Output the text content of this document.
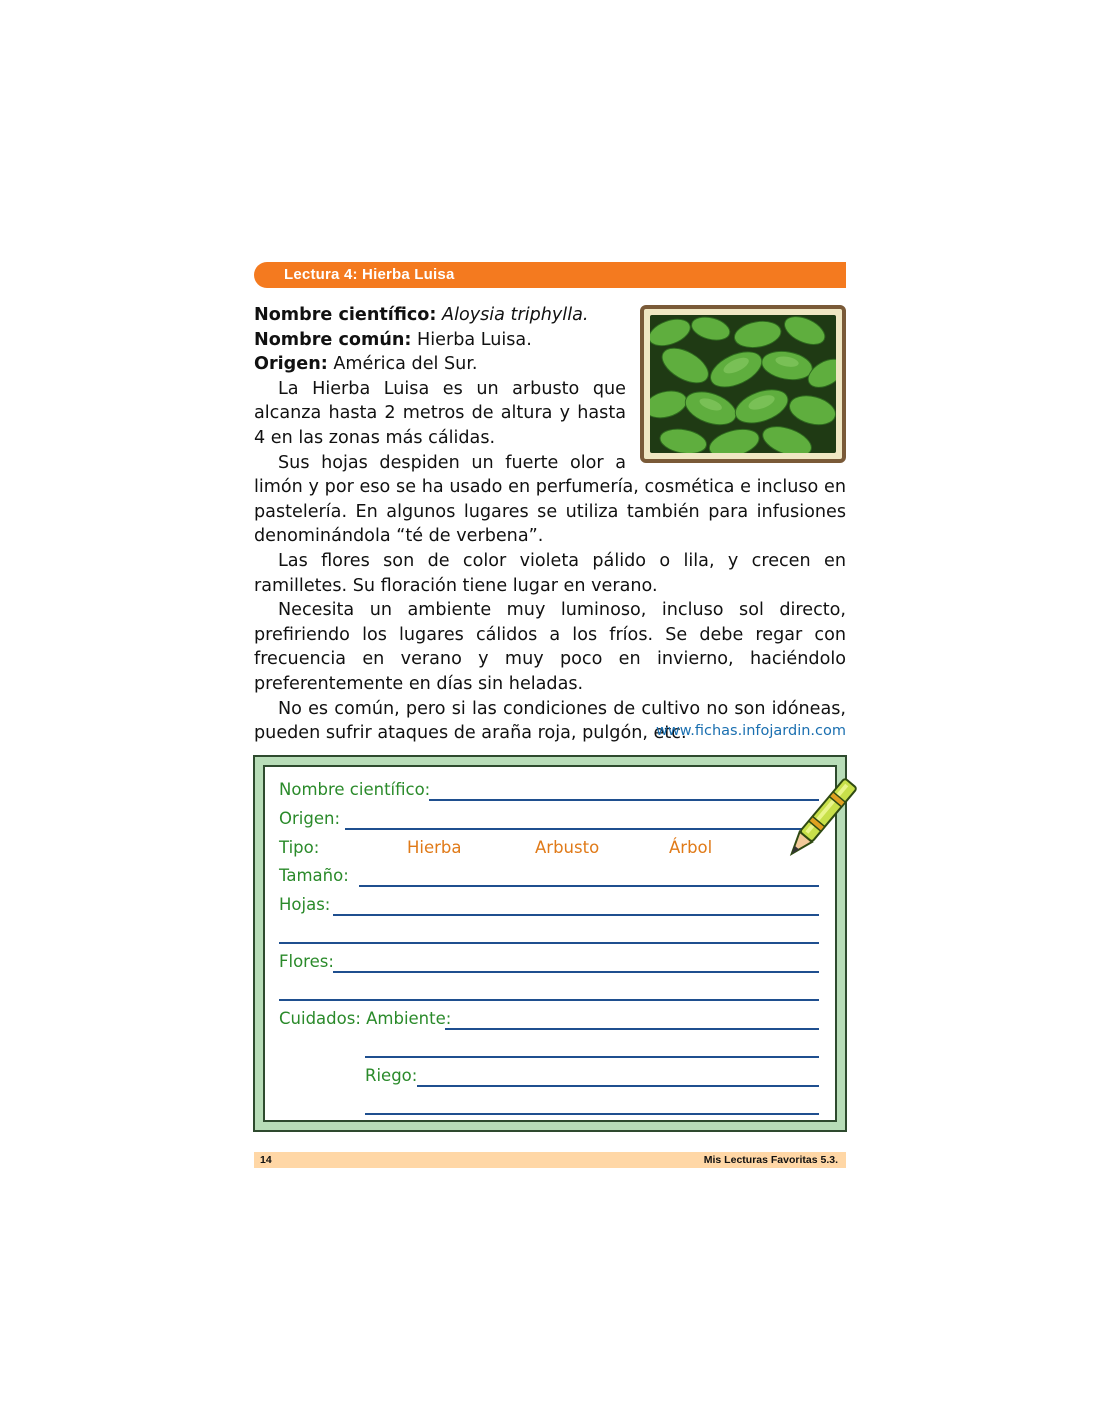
Lectura 4: Hierba Luisa
Nombre científico: Aloysia triphylla.
Nombre común: Hierba Luisa.
Origen: América del Sur.

La Hierba Luisa es un arbusto que alcanza hasta 2 metros de altura y hasta 4 en las zonas más cálidas.

Sus hojas despiden un fuerte olor a limón y por eso se ha usado en perfumería, cosmética e incluso en pastelería. En algunos lugares se utiliza también para infusiones denominándola “té de verbena”.

Las flores son de color violeta pálido o lila, y crecen en ramilletes. Su floración tiene lugar en verano.

Necesita un ambiente muy luminoso, incluso sol directo, prefiriendo los lugares cálidos a los fríos. Se debe regar con frecuencia en verano y muy poco en invierno, haciéndolo preferentemente en días sin heladas.

No es común, pero si las condiciones de cultivo no son idóneas, pueden sufrir ataques de araña roja, pulgón, etc.

www.fichas.infojardin.com
Nombre científico:
Origen:
Tipo:	Hierba	Arbusto	Árbol
Tamaño:
Hojas:
Flores:
Cuidados: Ambiente:
Riego:
14	Mis Lecturas Favoritas 5.3.
